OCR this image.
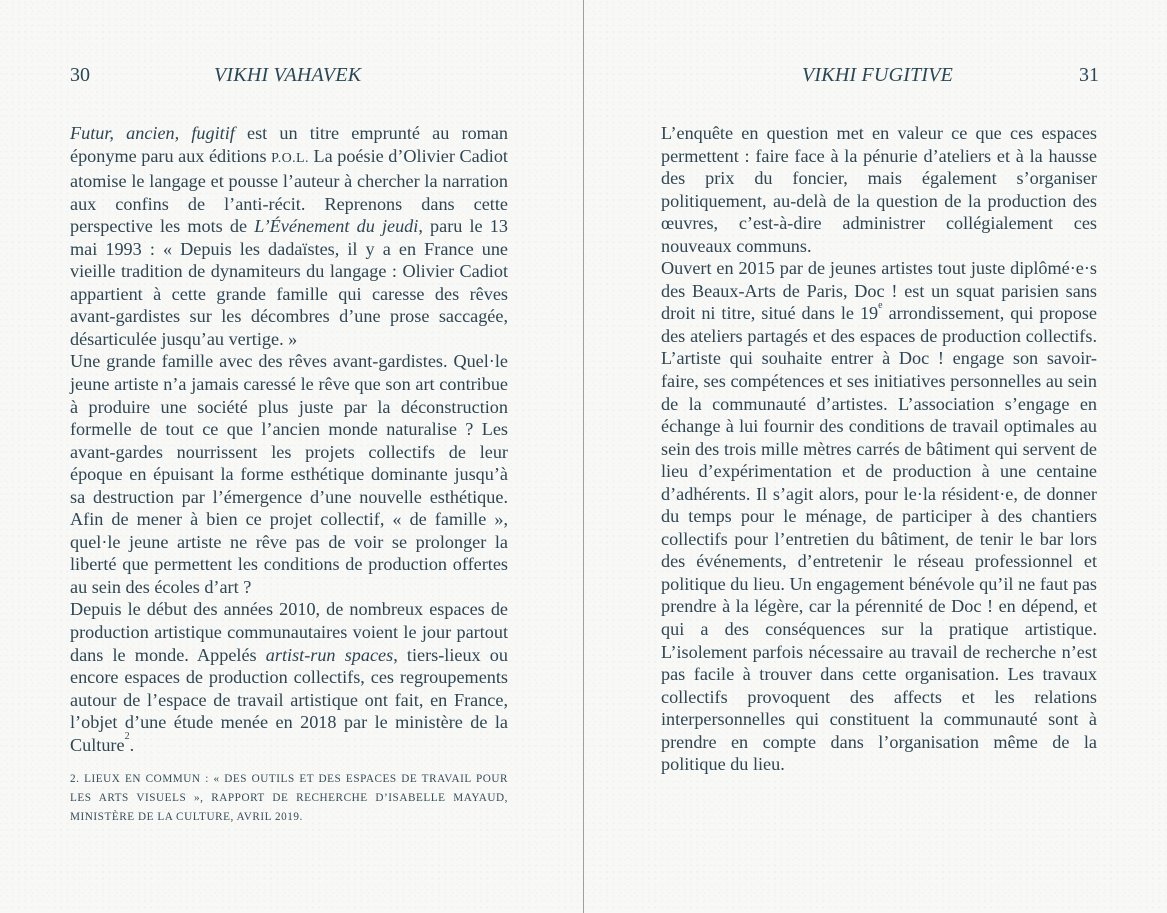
30	VIKHI VAHAVEK

Futur, ancien, fugitif est un titre emprunté au roman éponyme paru aux éditions P.O.L. La poésie d’Olivier Cadiot atomise le langage et pousse l’auteur à chercher la narration aux confins de l’anti-récit. Reprenons dans cette perspective les mots de L’Événement du jeudi, paru le 13 mai 1993 : « Depuis les dadaïstes, il y a en France une vieille tradition de dynamiteurs du langage : Olivier Cadiot appartient à cette grande famille qui caresse des rêves avant-gardistes sur les décombres d’une prose saccagée, désarticulée jusqu’au vertige. »

Une grande famille avec des rêves avant-gardistes. Quel·le jeune artiste n’a jamais caressé le rêve que son art contribue à produire une société plus juste par la déconstruction formelle de tout ce que l’ancien monde naturalise ? Les avant-gardes nourrissent les projets collectifs de leur époque en épuisant la forme esthétique dominante jusqu’à sa destruction par l’émergence d’une nouvelle esthétique. Afin de mener à bien ce projet collectif, « de famille », quel·le jeune artiste ne rêve pas de voir se prolonger la liberté que permettent les conditions de production offertes au sein des écoles d’art ?

Depuis le début des années 2010, de nombreux espaces de production artistique communautaires voient le jour partout dans le monde. Appelés artist-run spaces, tiers-lieux ou encore espaces de production collectifs, ces regroupements autour de l’espace de travail artistique ont fait, en France, l’objet d’une étude menée en 2018 par le ministère de la Culture$^2$.

2. LIEUX EN COMMUN : « DES OUTILS ET DES ESPACES DE TRAVAIL POUR LES ARTS VISUELS », RAPPORT DE RECHERCHE D’ISABELLE MAYAUD, MINISTÈRE DE LA CULTURE, AVRIL 2019.
VIKHI FUGITIVE	31

L’enquête en question met en valeur ce que ces espaces permettent : faire face à la pénurie d’ateliers et à la hausse des prix du foncier, mais également s’organiser politiquement, au-delà de la question de la production des œuvres, c’est-à-dire administrer collégialement ces nouveaux communs.

Ouvert en 2015 par de jeunes artistes tout juste diplômé·e·s des Beaux-Arts de Paris, Doc ! est un squat parisien sans droit ni titre, situé dans le 19e arrondissement, qui propose des ateliers partagés et des espaces de production collectifs. L’artiste qui souhaite entrer à Doc ! engage son savoir-faire, ses compétences et ses initiatives personnelles au sein de la communauté d’artistes. L’association s’engage en échange à lui fournir des conditions de travail optimales au sein des trois mille mètres carrés de bâtiment qui servent de lieu d’expérimentation et de production à une centaine d’adhérents. Il s’agit alors, pour le·la résident·e, de donner du temps pour le ménage, de participer à des chantiers collectifs pour l’entretien du bâtiment, de tenir le bar lors des événements, d’entretenir le réseau professionnel et politique du lieu. Un engagement bénévole qu’il ne faut pas prendre à la légère, car la pérennité de Doc ! en dépend, et qui a des conséquences sur la pratique artistique. L’isolement parfois nécessaire au travail de recherche n’est pas facile à trouver dans cette organisation. Les travaux collectifs provoquent des affects et les relations interpersonnelles qui constituent la communauté sont à prendre en compte dans l’organisation même de la politique du lieu.
